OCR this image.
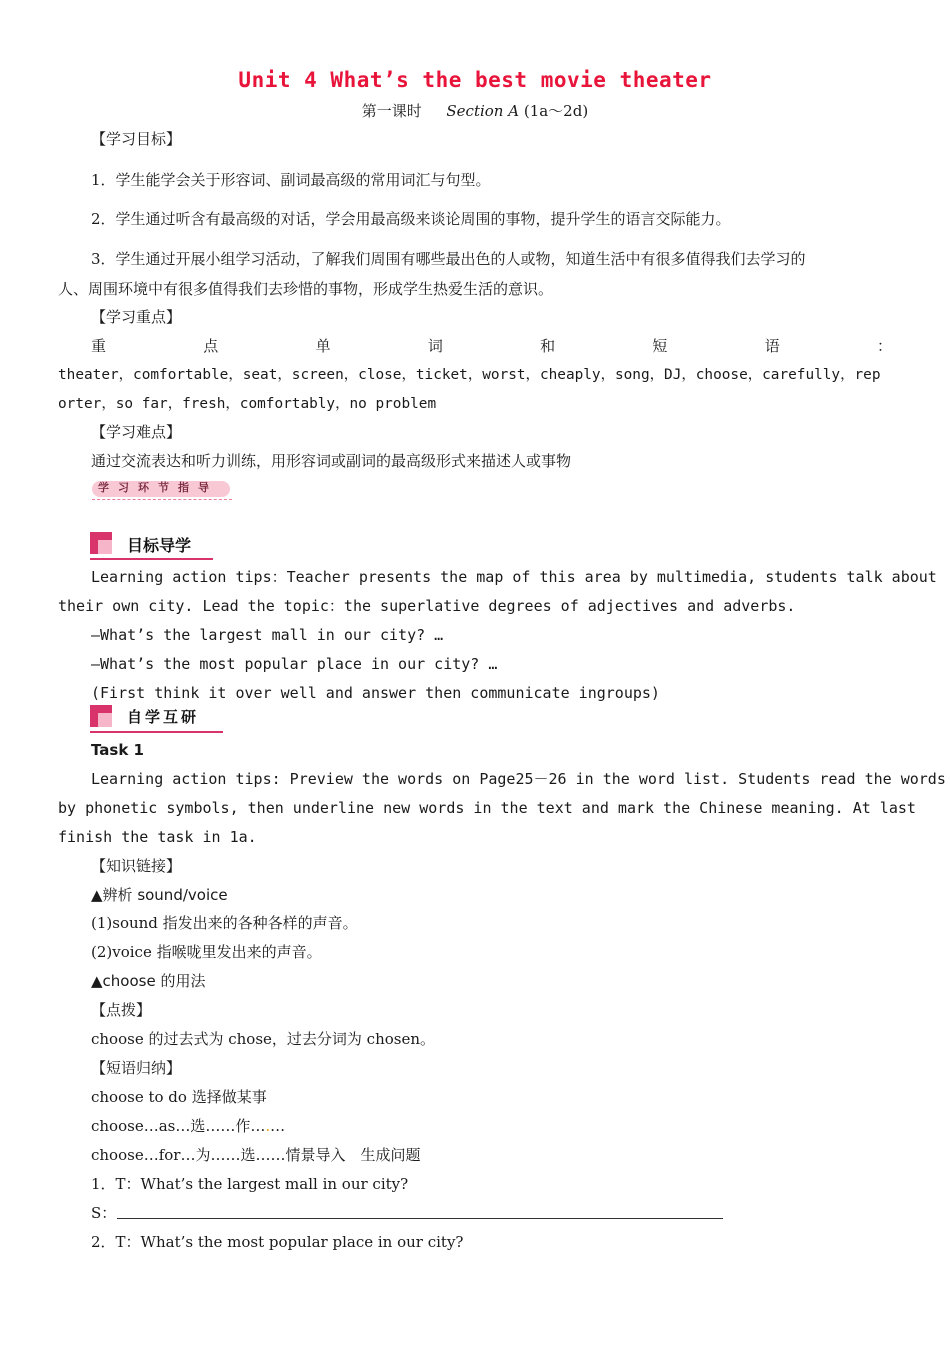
Unit 4 What’s the best movie theater
第一课时 　 Section A (1a～2d)
【学习目标】
1．学生能学会关于形容词、副词最高级的常用词汇与句型。
2．学生通过听含有最高级的对话，学会用最高级来谈论周围的事物，提升学生的语言交际能力。
3．学生通过开展小组学习活动，了解我们周围有哪些最出色的人或物，知道生活中有很多值得我们去学习的
人、周围环境中有很多值得我们去珍惜的事物，形成学生热爱生活的意识。
【学习重点】
重	点	单	词	和	短	语	：
theater，comfortable，seat，screen，close，ticket，worst，cheaply，song，DJ，choose，carefully，rep
orter，so far，fresh，comfortably，no problem
【学习难点】
通过交流表达和听力训练，用形容词或副词的最高级形式来描述人或事物
学习环节指导
目标导学
Learning action tips：Teacher presents the map of this area by multimedia, students talk about
their own city. Lead the topic：the superlative degrees of adjectives and adverbs.
—What’s the largest mall in our city? …
—What’s the most popular place in our city? …
(First think it over well and answer then communicate ingroups)
自学互研
Task 1
Learning action tips: Preview the words on Page25－26 in the word list. Students read the words
by phonetic symbols, then underline new words in the text and mark the Chinese meaning. At last
finish the task in 1a.
【知识链接】
▲辨析 sound/voice
(1)sound 指发出来的各种各样的声音。
(2)voice 指喉咙里发出来的声音。
▲choose 的用法
【点拨】
choose 的过去式为 chose，过去分词为 chosen。
【短语归纳】
choose to do 选择做某事
choose…as…选……作….…
choose…for…为……选……情景导入　生成问题
1．T：What’s the largest mall in our city?
S：
2．T：What’s the most popular place in our city?
